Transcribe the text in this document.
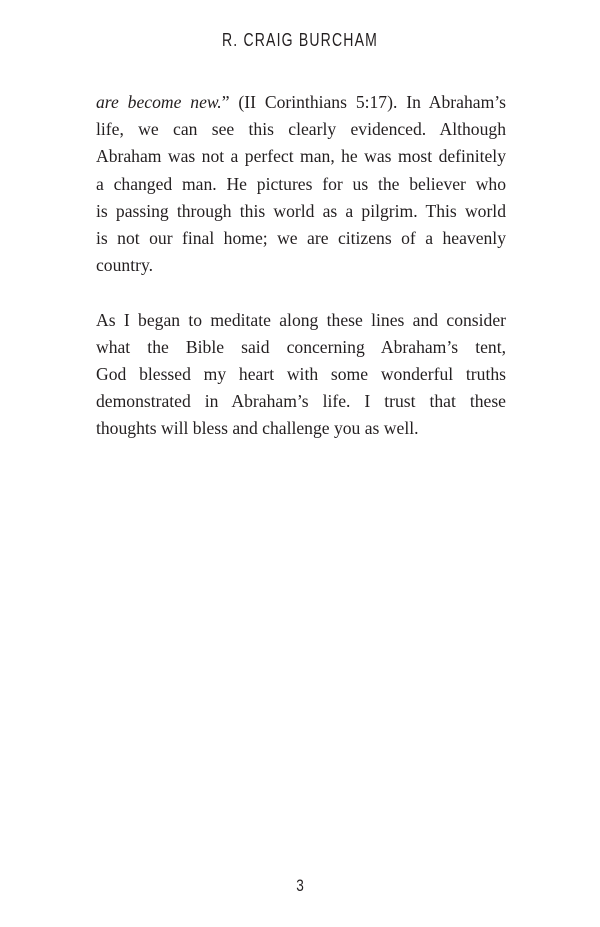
R. CRAIG BURCHAM

are become new.” (II Corinthians 5:17). In Abraham’s
life, we can see this clearly evidenced. Although
Abraham was not a perfect man, he was most definitely
a changed man. He pictures for us the believer who
is passing through this world as a pilgrim. This world
is not our final home; we are citizens of a heavenly
country.

As I began to meditate along these lines and consider
what the Bible said concerning Abraham’s tent,
God blessed my heart with some wonderful truths
demonstrated in Abraham’s life. I trust that these
thoughts will bless and challenge you as well.

3
